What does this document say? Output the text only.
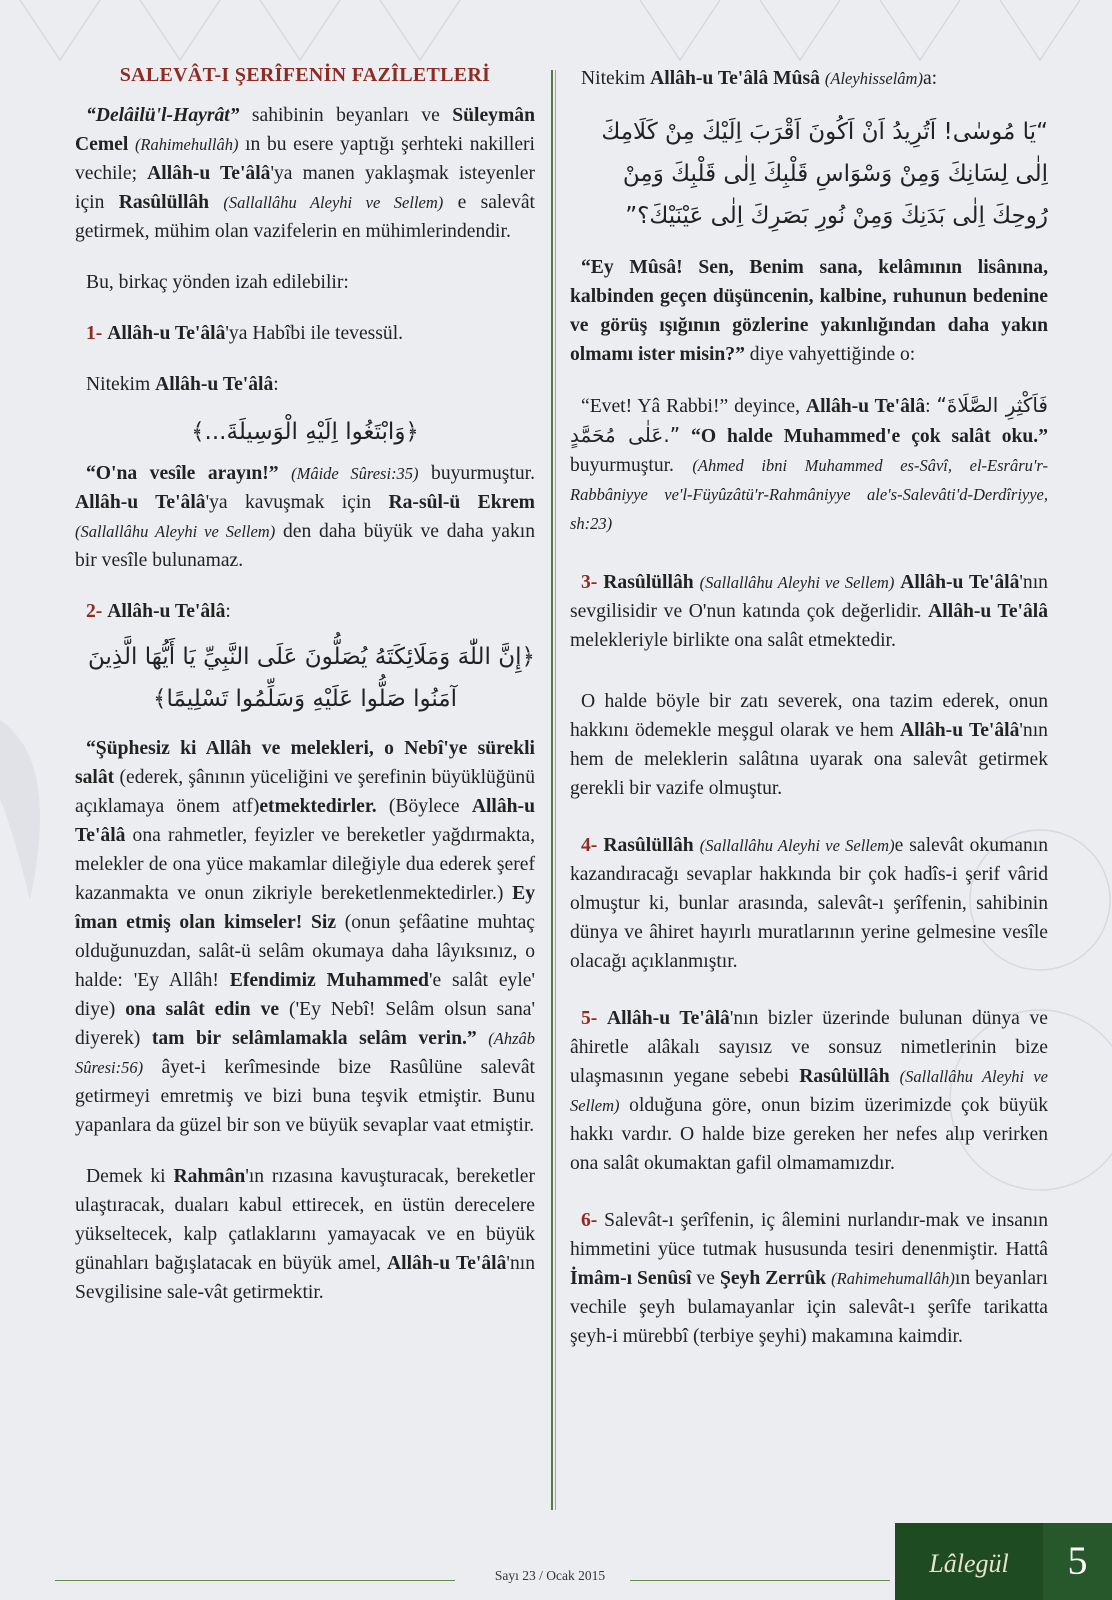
SALEVÂT-I ŞERÎFENİN FAZÎLETLERİ

“Delâilü'l-Hayrât” sahibinin beyanları ve Süleymân Cemel (Rahimehullâh) ın bu esere yaptığı şerhteki nakilleri vechile; Allâh-u Te'âlâ'ya manen yaklaşmak isteyenler için Rasûlüllâh (Sallallâhu Aleyhi ve Sellem) e salevât getirmek, mühim olan vazifelerin en mühimlerindendir.

Bu, birkaç yönden izah edilebilir:

1- Allâh-u Te'âlâ'ya Habîbi ile tevessül.

Nitekim Allâh-u Te'âlâ:

﴿وَابْتَغُوا اِلَيْهِ الْوَسِيلَةَ...﴾

“O'na vesîle arayın!” (Mâide Sûresi:35) buyurmuştur. Allâh-u Te'âlâ'ya kavuşmak için Ra-sûl-ü Ekrem (Sallallâhu Aleyhi ve Sellem) den daha büyük ve daha yakın bir vesîle bulunamaz.

2- Allâh-u Te'âlâ:

﴿إِنَّ اللّٰهَ وَمَلَائِكَتَهُ يُصَلُّونَ عَلَى النَّبِيِّ يَا أَيُّهَا الَّذِينَ
آمَنُوا صَلُّوا عَلَيْهِ وَسَلِّمُوا تَسْلِيمًا﴾

“Şüphesiz ki Allâh ve melekleri, o Nebî'ye sürekli salât (ederek, şânının yüceliğini ve şerefinin büyüklüğünü açıklamaya önem atf)etmektedirler. (Böylece Allâh-u Te'âlâ ona rahmetler, feyizler ve bereketler yağdırmakta, melekler de ona yüce makamlar dileğiyle dua ederek şeref kazanmakta ve onun zikriyle bereketlenmektedirler.) Ey îman etmiş olan kimseler! Siz (onun şefâatine muhtaç olduğunuzdan, salât-ü selâm okumaya daha lâyıksınız, o halde: 'Ey Allâh! Efendimiz Muhammed'e salât eyle' diye) ona salât edin ve ('Ey Nebî! Selâm olsun sana' diyerek) tam bir selâmlamakla selâm verin.” (Ahzâb Sûresi:56) âyet-i kerîmesinde bize Rasûlüne salevât getirmeyi emretmiş ve bizi buna teşvik etmiştir. Bunu yapanlara da güzel bir son ve büyük sevaplar vaat etmiştir.

Demek ki Rahmân'ın rızasına kavuşturacak, bereketler ulaştıracak, duaları kabul ettirecek, en üstün derecelere yükseltecek, kalp çatlaklarını yamayacak ve en büyük günahları bağışlatacak en büyük amel, Allâh-u Te'âlâ'nın Sevgilisine sale-vât getirmektir.

Nitekim Allâh-u Te'âlâ Mûsâ (Aleyhisselâm)a:

“يَا مُوسٰى! اَتُرِيدُ اَنْ اَكُونَ اَقْرَبَ اِلَيْكَ مِنْ كَلَامِكَ
اِلٰى لِسَانِكَ وَمِنْ وَسْوَاسِ قَلْبِكَ اِلٰى قَلْبِكَ وَمِنْ
رُوحِكَ اِلٰى بَدَنِكَ وَمِنْ نُورِ بَصَرِكَ اِلٰى عَيْنَيْكَ؟”

“Ey Mûsâ! Sen, Benim sana, kelâmının lisânına, kalbinden geçen düşüncenin, kalbine, ruhunun bedenine ve görüş ışığının gözlerine yakınlığından daha yakın olmamı ister misin?” diye vahyettiğinde o:

“Evet! Yâ Rabbi!” deyince, Allâh-u Te'âlâ: “فَاَكْثِرِ الصَّلَاةَ عَلٰى مُحَمَّدٍ.” “O halde Muhammed'e çok salât oku.” buyurmuştur. (Ahmed ibni Muhammed es-Sâvî, el-Esrâru'r-Rabbâniyye ve'l-Füyûzâtü'r-Rahmâniyye ale's-Salevâti'd-Derdîriyye, sh:23)

3- Rasûlüllâh (Sallallâhu Aleyhi ve Sellem) Allâh-u Te'âlâ'nın sevgilisidir ve O'nun katında çok değerlidir. Allâh-u Te'âlâ melekleriyle birlikte ona salât etmektedir.

O halde böyle bir zatı severek, ona tazim ederek, onun hakkını ödemekle meşgul olarak ve hem Allâh-u Te'âlâ'nın hem de meleklerin salâtına uyarak ona salevât getirmek gerekli bir vazife olmuştur.

4- Rasûlüllâh (Sallallâhu Aleyhi ve Sellem)e salevât okumanın kazandıracağı sevaplar hakkında bir çok hadîs-i şerif vârid olmuştur ki, bunlar arasında, salevât-ı şerîfenin, sahibinin dünya ve âhiret hayırlı muratlarının yerine gelmesine vesîle olacağı açıklanmıştır.

5- Allâh-u Te'âlâ'nın bizler üzerinde bulunan dünya ve âhiretle alâkalı sayısız ve sonsuz nimetlerinin bize ulaşmasının yegane sebebi Rasûlüllâh (Sallallâhu Aleyhi ve Sellem) olduğuna göre, onun bizim üzerimizde çok büyük hakkı vardır. O halde bize gereken her nefes alıp verirken ona salât okumaktan gafil olmamamızdır.

6- Salevât-ı şerîfenin, iç âlemini nurlandır-mak ve insanın himmetini yüce tutmak hususunda tesiri denenmiştir. Hattâ İmâm-ı Senûsî ve Şeyh Zerrûk (Rahimehumallâh)ın beyanları vechile şeyh bulamayanlar için salevât-ı şerîfe tarikatta şeyh-i mürebbî (terbiye şeyhi) makamına kaimdir.

Sayı 23 / Ocak 2015	Lâlegül	5
